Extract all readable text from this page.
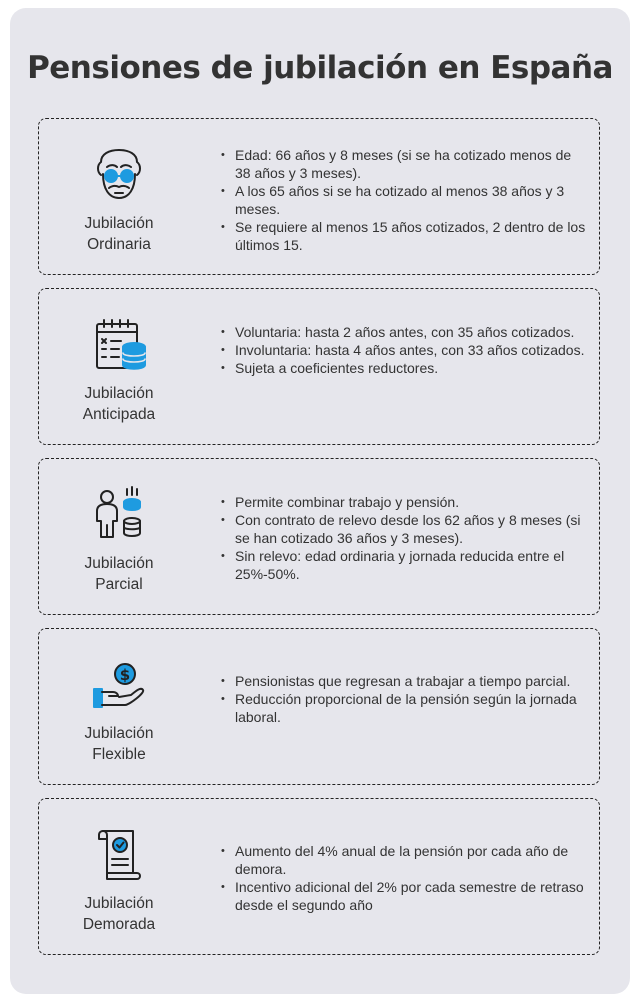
Pensiones de jubilación en España
Jubilación
Ordinaria
• Edad: 66 años y 8 meses (si se ha cotizado menos de 38 años y 3 meses).
• A los 65 años si se ha cotizado al menos 38 años y 3 meses.
• Se requiere al menos 15 años cotizados, 2 dentro de los últimos 15.
Jubilación
Anticipada
• Voluntaria: hasta 2 años antes, con 35 años cotizados.
• Involuntaria: hasta 4 años antes, con 33 años cotizados.
• Sujeta a coeficientes reductores.
Jubilación
Parcial
• Permite combinar trabajo y pensión.
• Con contrato de relevo desde los 62 años y 8 meses (si se han cotizado 36 años y 3 meses).
• Sin relevo: edad ordinaria y jornada reducida entre el 25%-50%.
$
Jubilación
Flexible
• Pensionistas que regresan a trabajar a tiempo parcial.
• Reducción proporcional de la pensión según la jornada laboral.
Jubilación
Demorada
• Aumento del 4% anual de la pensión por cada año de demora.
• Incentivo adicional del 2% por cada semestre de retraso desde el segundo año
